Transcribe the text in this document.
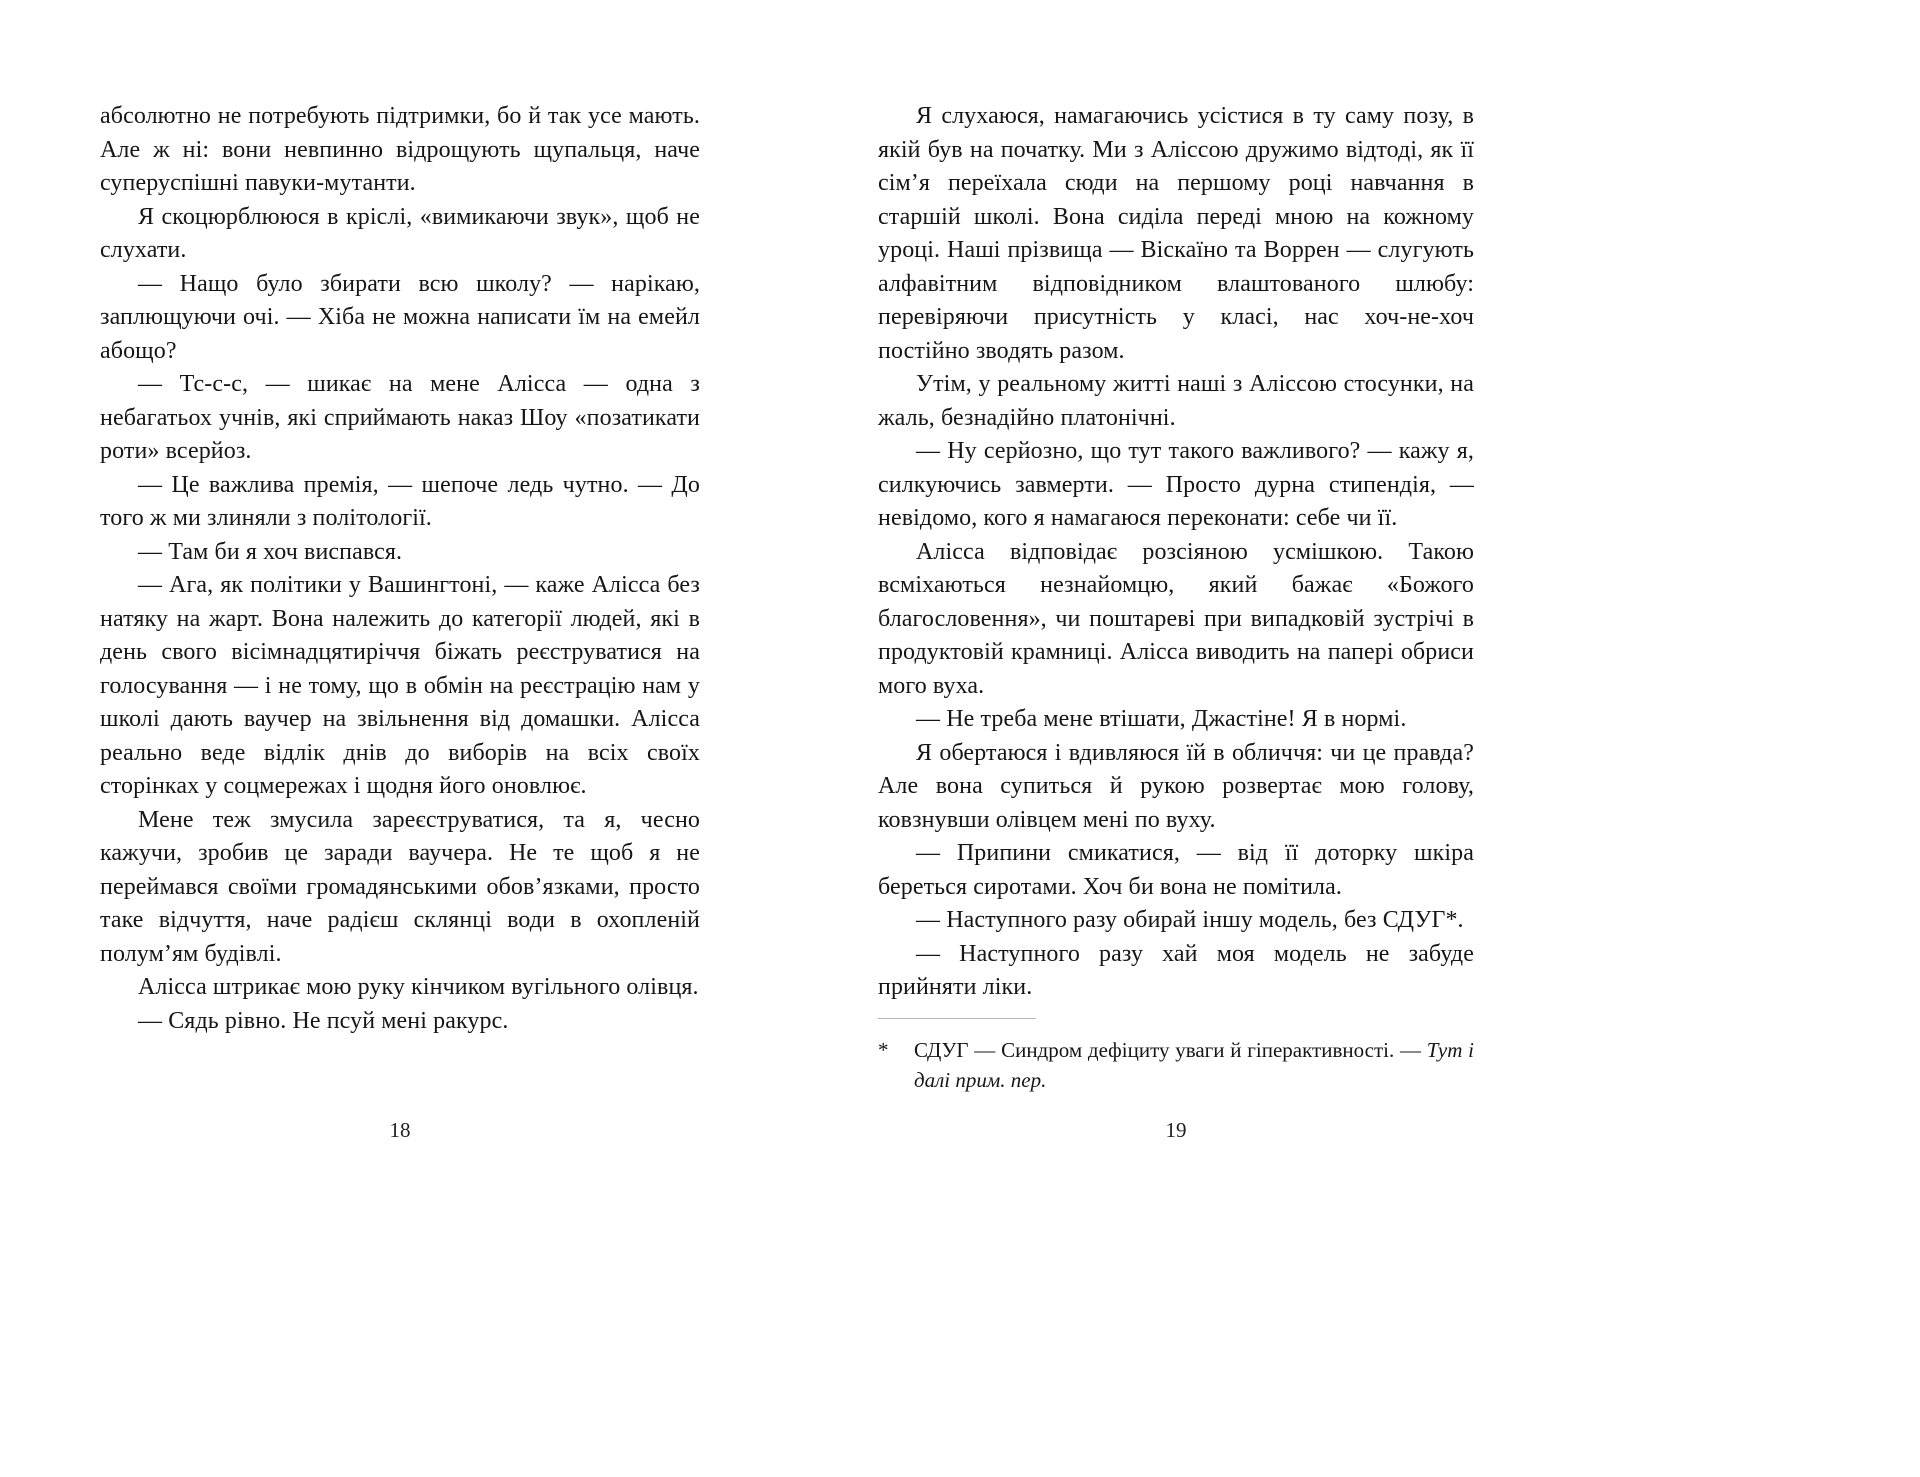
абсолютно не потребують підтримки, бо й так усе мають. Але ж ні: вони невпинно відрощують щупальця, наче суперуспішні павуки-мутанти.

Я скоцюрблююся в кріслі, «вимикаючи звук», щоб не слухати.

— Нащо було збирати всю школу? — нарікаю, заплющуючи очі. — Хіба не можна написати їм на емейл абощо?

— Тс-с-с, — шикає на мене Алісса — одна з небагатьох учнів, які сприймають наказ Шоу «позатикати роти» всерйоз.

— Це важлива премія, — шепоче ледь чутно. — До того ж ми злиняли з політології.

— Там би я хоч виспався.

— Ага, як політики у Вашингтоні, — каже Алісса без натяку на жарт. Вона належить до категорії людей, які в день свого вісімнадцятиріччя біжать реєструватися на голосування — і не тому, що в обмін на реєстрацію нам у школі дають ваучер на звільнення від домашки. Алісса реально веде відлік днів до виборів на всіх своїх сторінках у соцмережах і щодня його оновлює.

Мене теж змусила зареєструватися, та я, чесно кажучи, зробив це заради ваучера. Не те щоб я не переймався своїми громадянськими обов’язками, просто таке відчуття, наче радієш склянці води в охопленій полум’ям будівлі.

Алісса штрикає мою руку кінчиком вугільного олівця.

— Сядь рівно. Не псуй мені ракурс.

18

Я слухаюся, намагаючись усістися в ту саму позу, в якій був на початку. Ми з Аліссою дружимо відтоді, як її сім’я переїхала сюди на першому році навчання в старшій школі. Вона сиділа переді мною на кожному уроці. Наші прізвища — Віскаїно та Воррен — слугують алфавітним відповідником влаштованого шлюбу: перевіряючи присутність у класі, нас хоч-не-хоч постійно зводять разом.

Утім, у реальному житті наші з Аліссою стосунки, на жаль, безнадійно платонічні.

— Ну серйозно, що тут такого важливого? — кажу я, силкуючись завмерти. — Просто дурна стипендія, — невідомо, кого я намагаюся переконати: себе чи її.

Алісса відповідає розсіяною усмішкою. Такою всміхаються незнайомцю, який бажає «Божого благословення», чи поштареві при випадковій зустрічі в продуктовій крамниці. Алісса виводить на папері обриси мого вуха.

— Не треба мене втішати, Джастіне! Я в нормі.

Я обертаюся і вдивляюся їй в обличчя: чи це правда? Але вона супиться й рукою розвертає мою голову, ковзнувши олівцем мені по вуху.

— Припини смикатися, — від її доторку шкіра береться сиротами. Хоч би вона не помітила.

— Наступного разу обирай іншу модель, без СДУГ*.

— Наступного разу хай моя модель не забуде прийняти ліки.

* СДУГ — Синдром дефіциту уваги й гіперактивності. — Тут і далі прим. пер.
19
